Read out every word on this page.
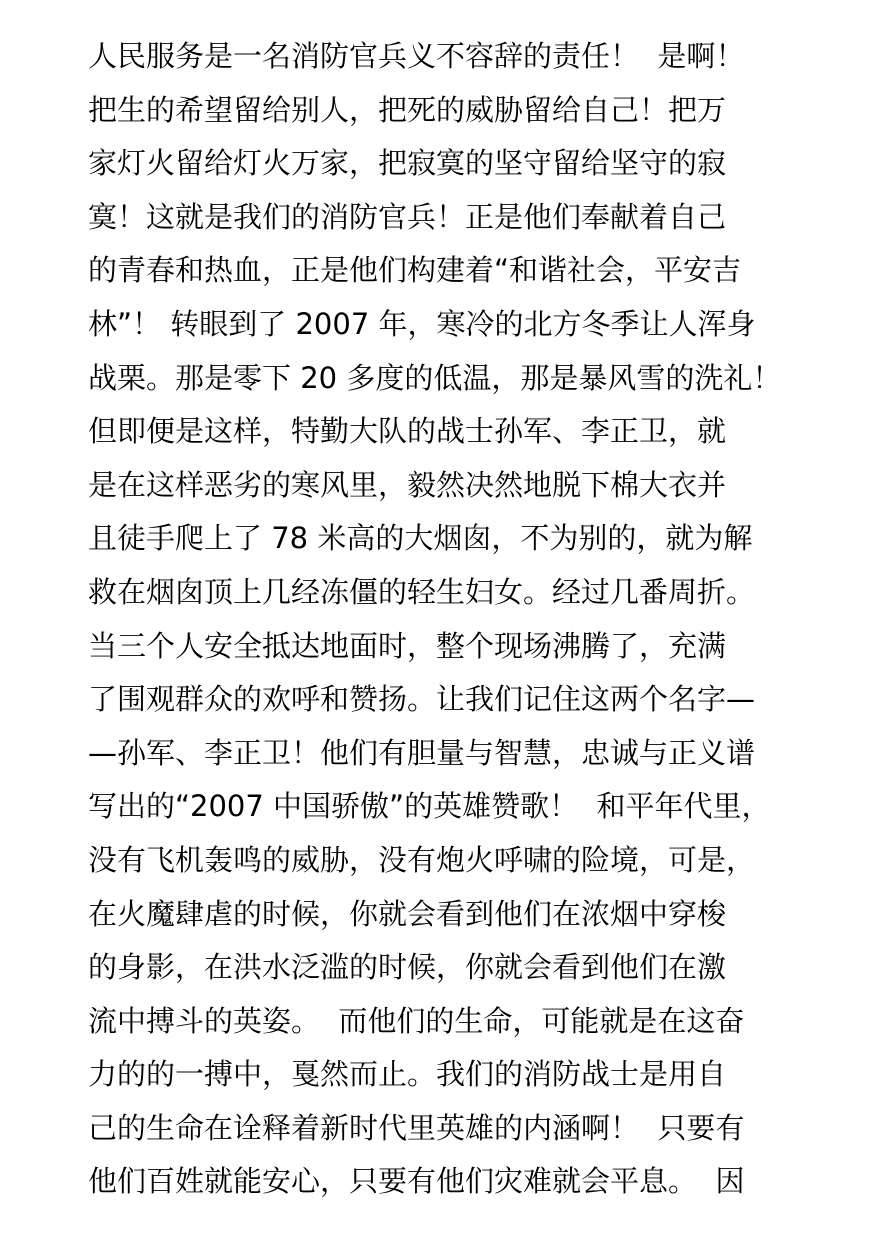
人民服务是一名消防官兵义不容辞的责任！  是啊！
把生的希望留给别人，把死的威胁留给自己！把万
家灯火留给灯火万家，把寂寞的坚守留给坚守的寂
寞！这就是我们的消防官兵！正是他们奉献着自己
的青春和热血，正是他们构建着“和谐社会，平安吉
林”！ 转眼到了 2007 年，寒冷的北方冬季让人浑身
战栗。那是零下 20 多度的低温，那是暴风雪的洗礼！
但即便是这样，特勤大队的战士孙军、李正卫，就
是在这样恶劣的寒风里，毅然决然地脱下棉大衣并
且徒手爬上了 78 米高的大烟囱，不为别的，就为解
救在烟囱顶上几经冻僵的轻生妇女。经过几番周折。
当三个人安全抵达地面时，整个现场沸腾了，充满
了围观群众的欢呼和赞扬。让我们记住这两个名字—
—孙军、李正卫！他们有胆量与智慧，忠诚与正义谱
写出的“2007 中国骄傲”的英雄赞歌！  和平年代里，
没有飞机轰鸣的威胁，没有炮火呼啸的险境，可是，
在火魔肆虐的时候，你就会看到他们在浓烟中穿梭
的身影，在洪水泛滥的时候，你就会看到他们在激
流中搏斗的英姿。  而他们的生命，可能就是在这奋
力的的一搏中，戛然而止。我们的消防战士是用自
己的生命在诠释着新时代里英雄的内涵啊！  只要有
他们百姓就能安心，只要有他们灾难就会平息。  因
